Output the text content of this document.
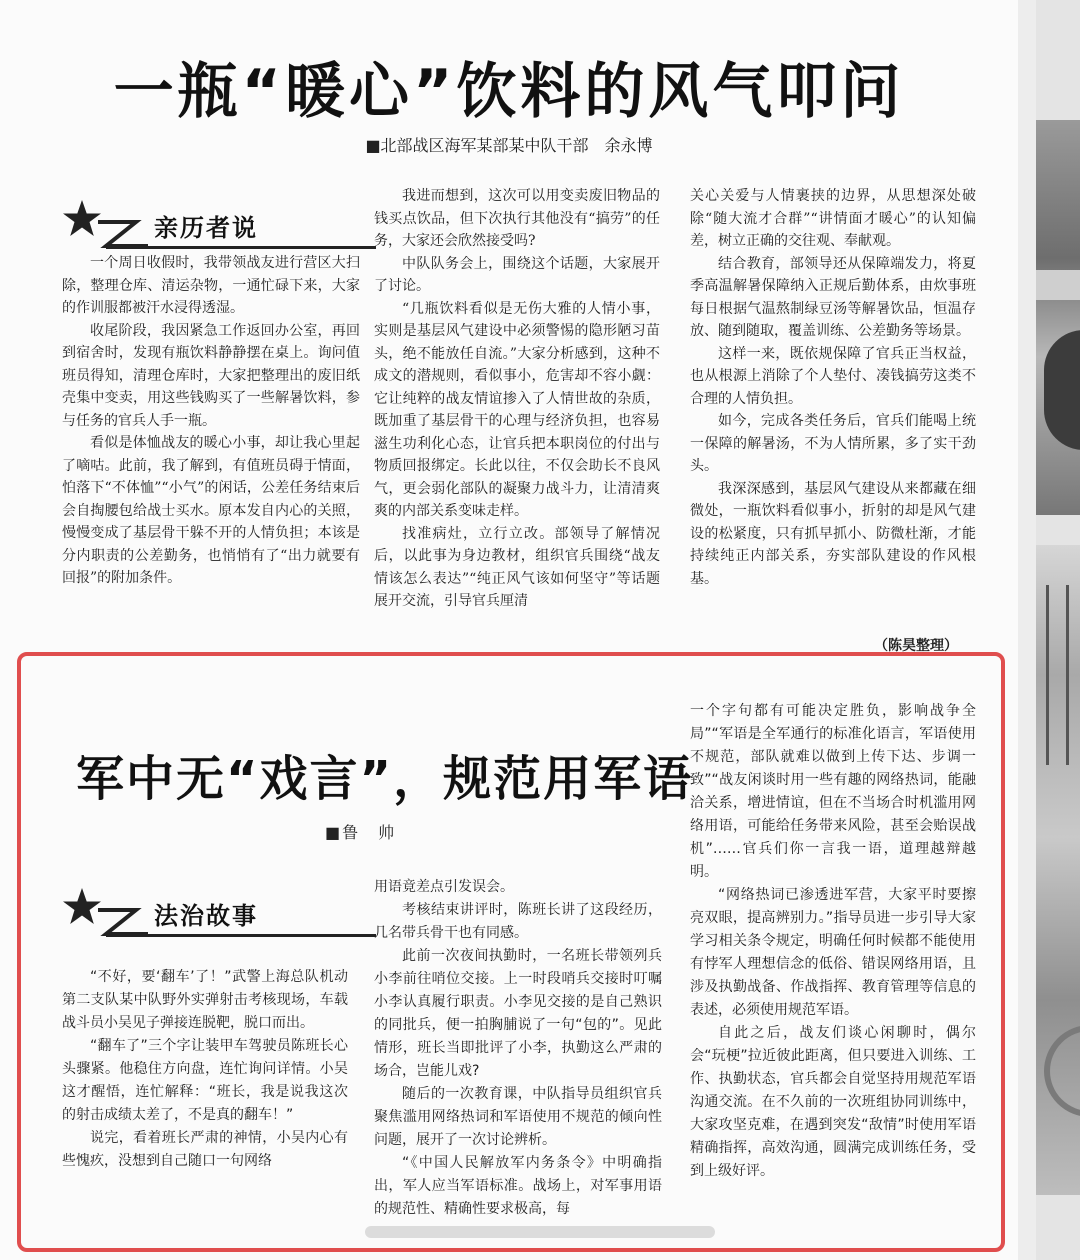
一瓶“暖心”饮料的风气叩问
■北部战区海军某部某中队干部　余永博
亲历者说

一个周日收假时，我带领战友进行营区大扫除，整理仓库、清运杂物，一通忙碌下来，大家的作训服都被汗水浸得透湿。

收尾阶段，我因紧急工作返回办公室，再回到宿舍时，发现有瓶饮料静静摆在桌上。询问值班员得知，清理仓库时，大家把整理出的废旧纸壳集中变卖，用这些钱购买了一些解暑饮料，参与任务的官兵人手一瓶。

看似是体恤战友的暖心小事，却让我心里起了嘀咕。此前，我了解到，有值班员碍于情面，怕落下“不体恤”“小气”的闲话，公差任务结束后会自掏腰包给战士买水。原本发自内心的关照，慢慢变成了基层骨干躲不开的人情负担；本该是分内职责的公差勤务，也悄悄有了“出力就要有回报”的附加条件。

我进而想到，这次可以用变卖废旧物品的钱买点饮品，但下次执行其他没有“搞劳”的任务，大家还会欣然接受吗?

中队队务会上，围绕这个话题，大家展开了讨论。

“几瓶饮料看似是无伤大雅的人情小事，实则是基层风气建设中必须警惕的隐形陋习苗头，绝不能放任自流。”大家分析感到，这种不成文的潜规则，看似事小，危害却不容小觑：它让纯粹的战友情谊掺入了人情世故的杂质，既加重了基层骨干的心理与经济负担，也容易滋生功利化心态，让官兵把本职岗位的付出与物质回报绑定。长此以往，不仅会助长不良风气，更会弱化部队的凝聚力战斗力，让清清爽爽的内部关系变味走样。

找准病灶，立行立改。部领导了解情况后，以此事为身边教材，组织官兵围绕“战友情该怎么表达”“纯正风气该如何坚守”等话题展开交流，引导官兵厘清

关心关爱与人情裹挟的边界，从思想深处破除“随大流才合群”“讲情面才暖心”的认知偏差，树立正确的交往观、奉献观。

结合教育，部领导还从保障端发力，将夏季高温解暑保障纳入正规后勤体系，由炊事班每日根据气温熬制绿豆汤等解暑饮品，恒温存放、随到随取，覆盖训练、公差勤务等场景。

这样一来，既依规保障了官兵正当权益，也从根源上消除了个人垫付、凑钱搞劳这类不合理的人情负担。

如今，完成各类任务后，官兵们能喝上统一保障的解暑汤，不为人情所累，多了实干劲头。

我深深感到，基层风气建设从来都藏在细微处，一瓶饮料看似事小，折射的却是风气建设的松紧度，只有抓早抓小、防微杜渐，才能持续纯正内部关系，夯实部队建设的作风根基。

（陈昊整理）
军中无“戏言”，规范用军语
■鲁　帅
法治故事

“不好，要‘翻车’了！”武警上海总队机动第二支队某中队野外实弹射击考核现场，车载战斗员小吴见子弹接连脱靶，脱口而出。

“翻车了”三个字让装甲车驾驶员陈班长心头骤紧。他稳住方向盘，连忙询问详情。小吴这才醒悟，连忙解释：“班长，我是说我这次的射击成绩太差了，不是真的翻车！”

说完，看着班长严肃的神情，小吴内心有些愧疚，没想到自己随口一句网络

用语竟差点引发误会。

考核结束讲评时，陈班长讲了这段经历，几名带兵骨干也有同感。

此前一次夜间执勤时，一名班长带领列兵小李前往哨位交接。上一时段哨兵交接时叮嘱小李认真履行职责。小李见交接的是自己熟识的同批兵，便一拍胸脯说了一句“包的”。见此情形，班长当即批评了小李，执勤这么严肃的场合，岂能儿戏?

随后的一次教育课，中队指导员组织官兵聚焦滥用网络热词和军语使用不规范的倾向性问题，展开了一次讨论辨析。

“《中国人民解放军内务条令》中明确指出，军人应当军语标准。战场上，对军事用语的规范性、精确性要求极高，每

一个字句都有可能决定胜负，影响战争全局”“军语是全军通行的标准化语言，军语使用不规范，部队就难以做到上传下达、步调一致”“战友闲谈时用一些有趣的网络热词，能融洽关系，增进情谊，但在不当场合时机滥用网络用语，可能给任务带来风险，甚至会贻误战机”……官兵们你一言我一语，道理越辩越明。

“网络热词已渗透进军营，大家平时要擦亮双眼，提高辨别力。”指导员进一步引导大家学习相关条令规定，明确任何时候都不能使用有悖军人理想信念的低俗、错误网络用语，且涉及执勤战备、作战指挥、教育管理等信息的表述，必须使用规范军语。

自此之后，战友们谈心闲聊时，偶尔会“玩梗”拉近彼此距离，但只要进入训练、工作、执勤状态，官兵都会自觉坚持用规范军语沟通交流。在不久前的一次班组协同训练中，大家攻坚克难，在遇到突发“敌情”时使用军语精确指挥，高效沟通，圆满完成训练任务，受到上级好评。
